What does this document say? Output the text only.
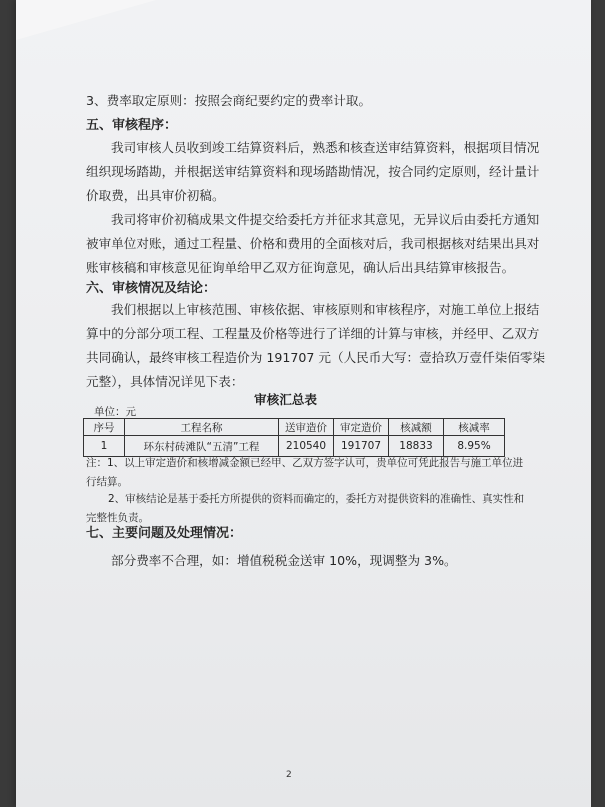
3、费率取定原则：按照会商纪要约定的费率计取。
五、审核程序：
我司审核人员收到竣工结算资料后，熟悉和核查送审结算资料，根据项目情况
组织现场踏勘，并根据送审结算资料和现场踏勘情况，按合同约定原则，经计量计
价取费，出具审价初稿。
我司将审价初稿成果文件提交给委托方并征求其意见，无异议后由委托方通知
被审单位对账，通过工程量、价格和费用的全面核对后，我司根据核对结果出具对
账审核稿和审核意见征询单给甲乙双方征询意见，确认后出具结算审核报告。
六、审核情况及结论：
我们根据以上审核范围、审核依据、审核原则和审核程序，对施工单位上报结
算中的分部分项工程、工程量及价格等进行了详细的计算与审核，并经甲、乙双方
共同确认，最终审核工程造价为 191707 元（人民币大写：壹拾玖万壹仟柒佰零柒
元整），具体情况详见下表：
审核汇总表
单位：元
序号	工程名称	送审造价	审定造价	核减额	核减率
1	环东村砖滩队“五清”工程	210540	191707	18833	8.95%
注：1、以上审定造价和核增减金额已经甲、乙双方签字认可，贵单位可凭此报告与施工单位进
行结算。
2、审核结论是基于委托方所提供的资料而确定的，委托方对提供资料的准确性、真实性和
完整性负责。
七、主要问题及处理情况：
部分费率不合理，如：增值税税金送审 10%，现调整为 3%。
2
